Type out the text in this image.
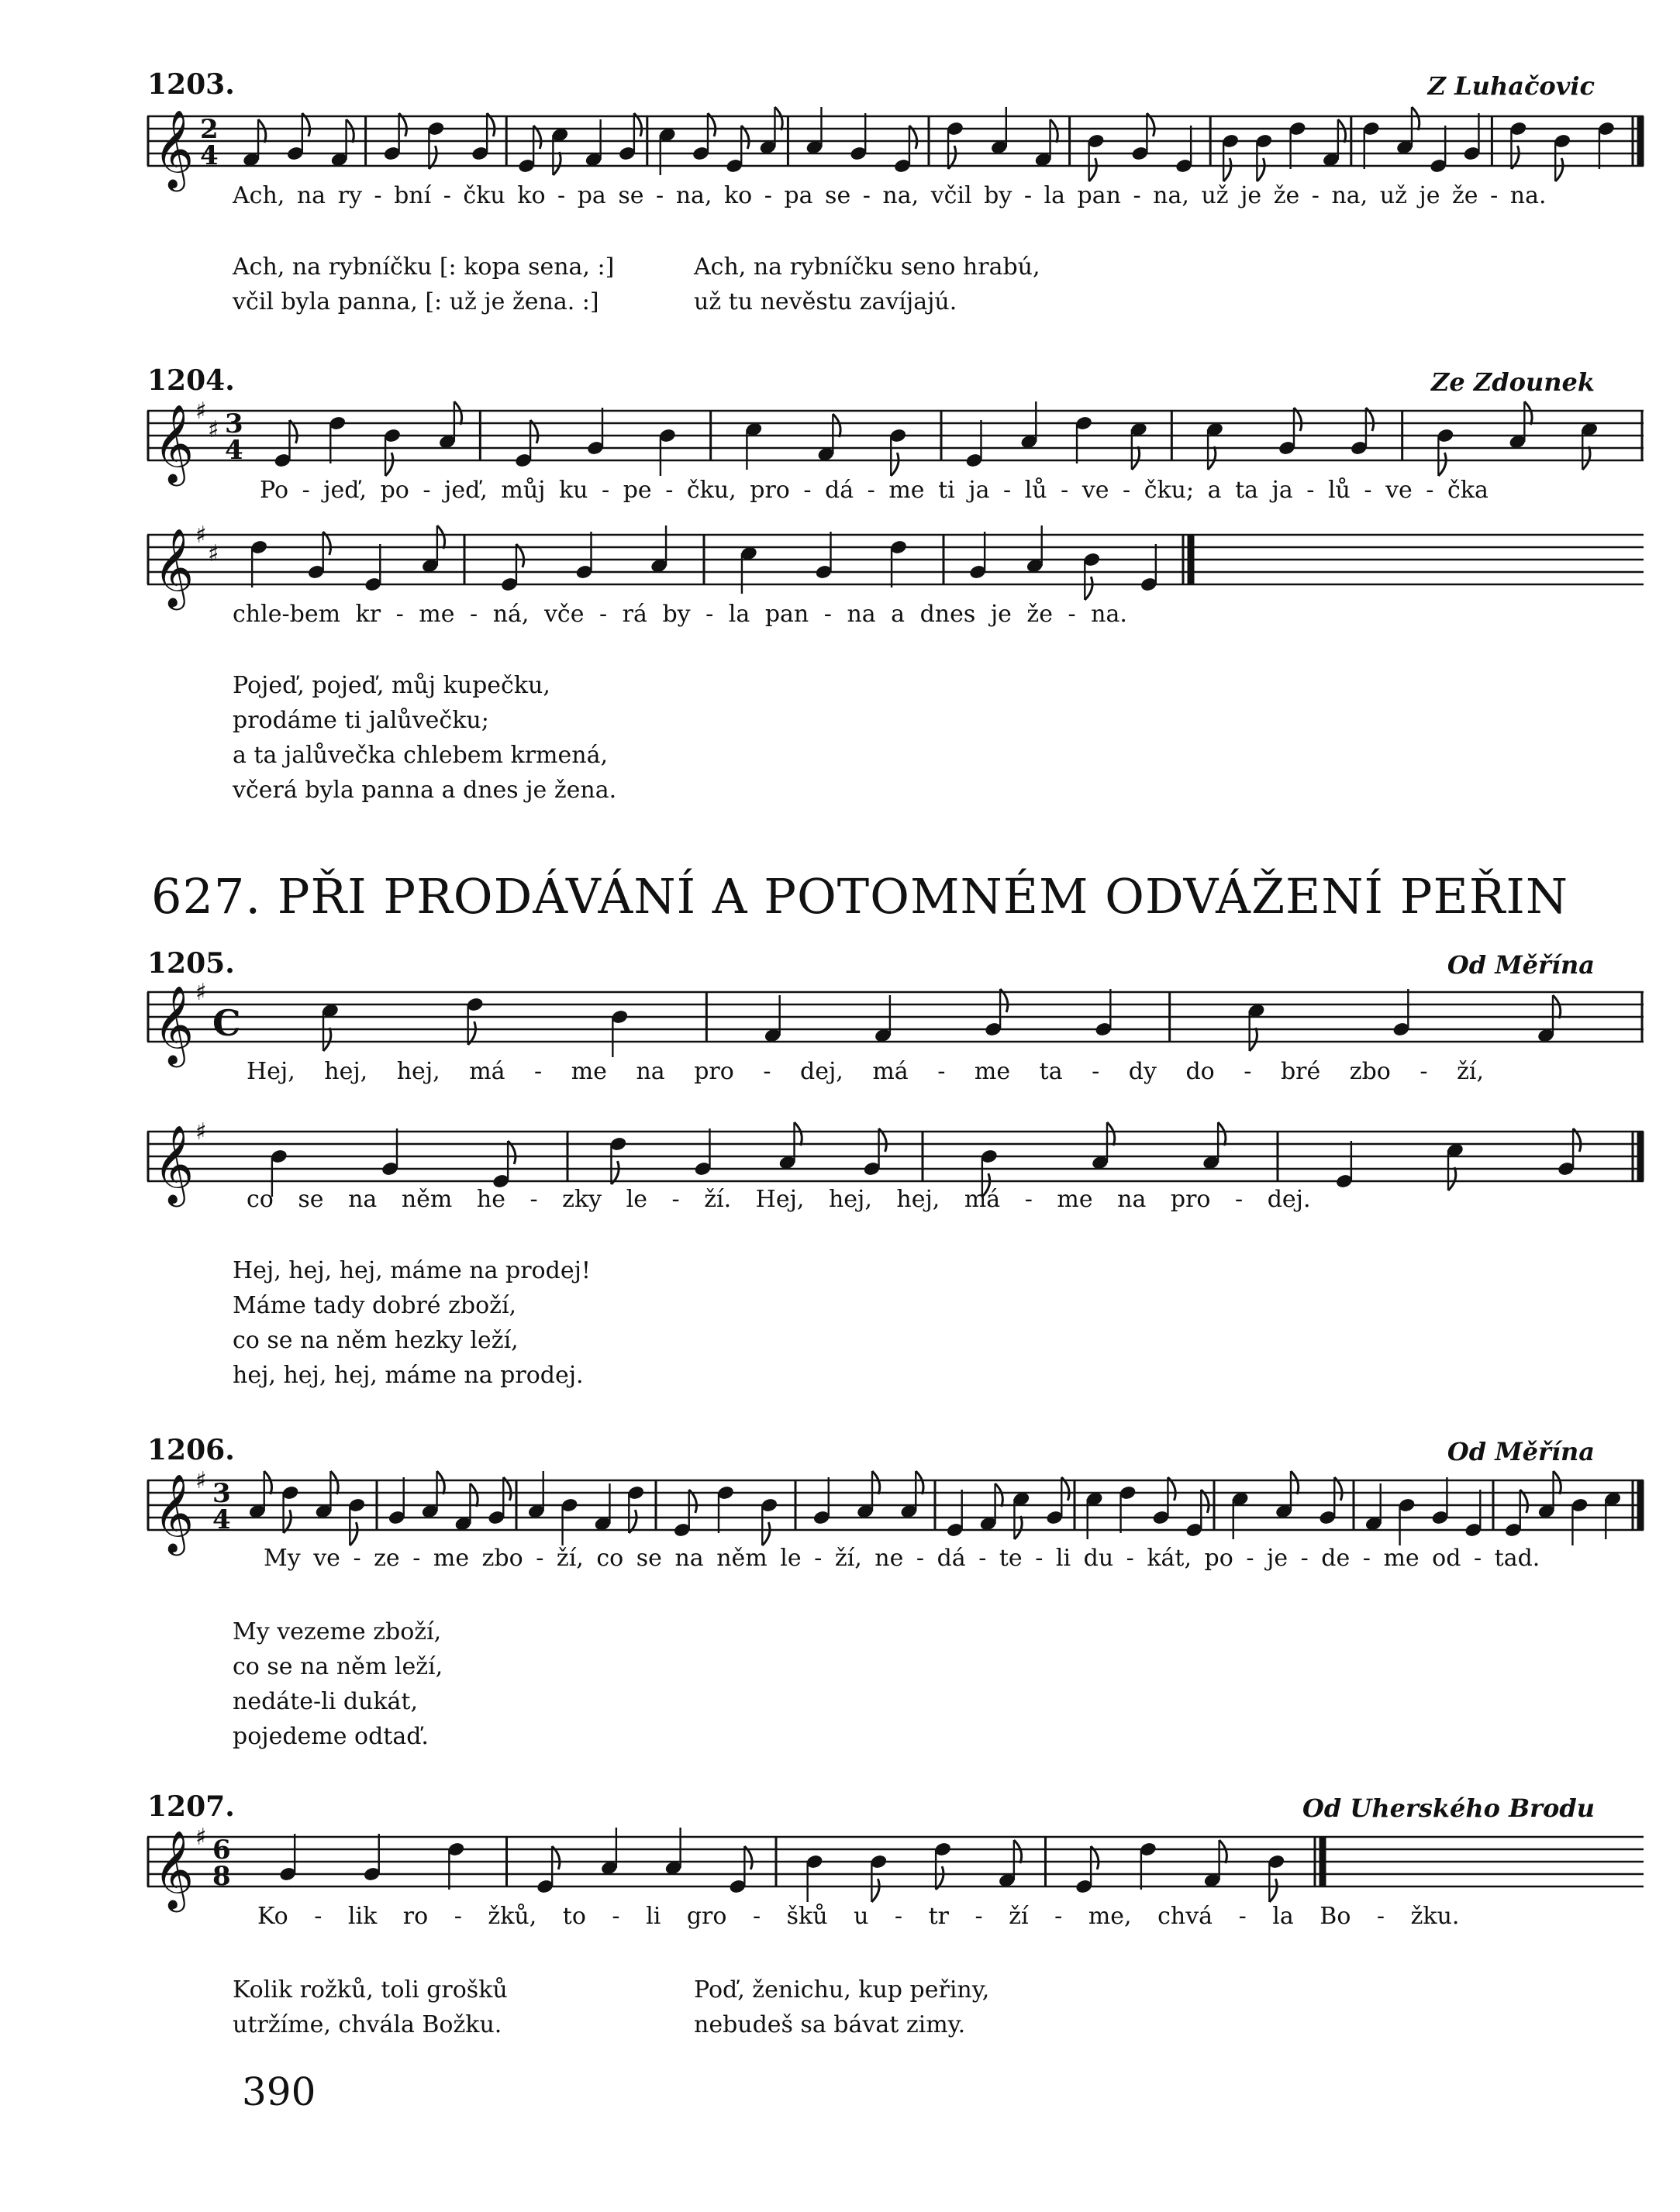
1203.	Z Luhačovic
𝄞 2
4
Ach, na ry - bní - čku ko - pa se - na, ko - pa se - na, včil by - la pan - na, už je že - na, už je že - na.
Ach, na rybníčku [: kopa sena, :]
včil byla panna, [: už je žena. :]
Ach, na rybníčku seno hrabú,
už tu nevěstu zavíjajú.
1204.	Ze Zdounek
𝄞 ♯
♯ 3
4
Po - jeď, po - jeď, můj ku - pe - čku, pro - dá - me ti ja - lů - ve - čku; a ta ja - lů - ve - čka
𝄞 ♯
♯
chle-bem kr - me - ná, vče - rá by - la pan - na a dnes je že - na.
Pojeď, pojeď, můj kupečku,
prodáme ti jalůvečku;
a ta jalůvečka chlebem krmená,
včerá byla panna a dnes je žena.
627. PŘI PRODÁVÁNÍ A POTOMNÉM ODVÁŽENÍ PEŘIN
1205.	Od Měřína
𝄞 ♯
C
Hej, hej, hej, má - me na pro - dej, má - me ta - dy do - bré zbo - ží,
𝄞 ♯
co se na něm he - zky le - ží. Hej, hej, hej, má - me na pro - dej.
Hej, hej, hej, máme na prodej!
Máme tady dobré zboží,
co se na něm hezky leží,
hej, hej, hej, máme na prodej.
1206.	Od Měřína
𝄞 ♯ 3
4
My ve - ze - me zbo - ží, co se na něm le - ží, ne - dá - te - li du - kát, po - je - de - me od - tad.
My vezeme zboží,
co se na něm leží,
nedáte-li dukát,
pojedeme odtaď.
1207.	Od Uherského Brodu
𝄞 ♯ 6
8
Ko - lik ro - žků, to - li gro - šků u - tr - ží - me, chvá - la Bo - žku.
Kolik rožků, toli grošků
utržíme, chvála Božku.
Poď, ženichu, kup peřiny,
nebudeš sa bávat zimy.
390
